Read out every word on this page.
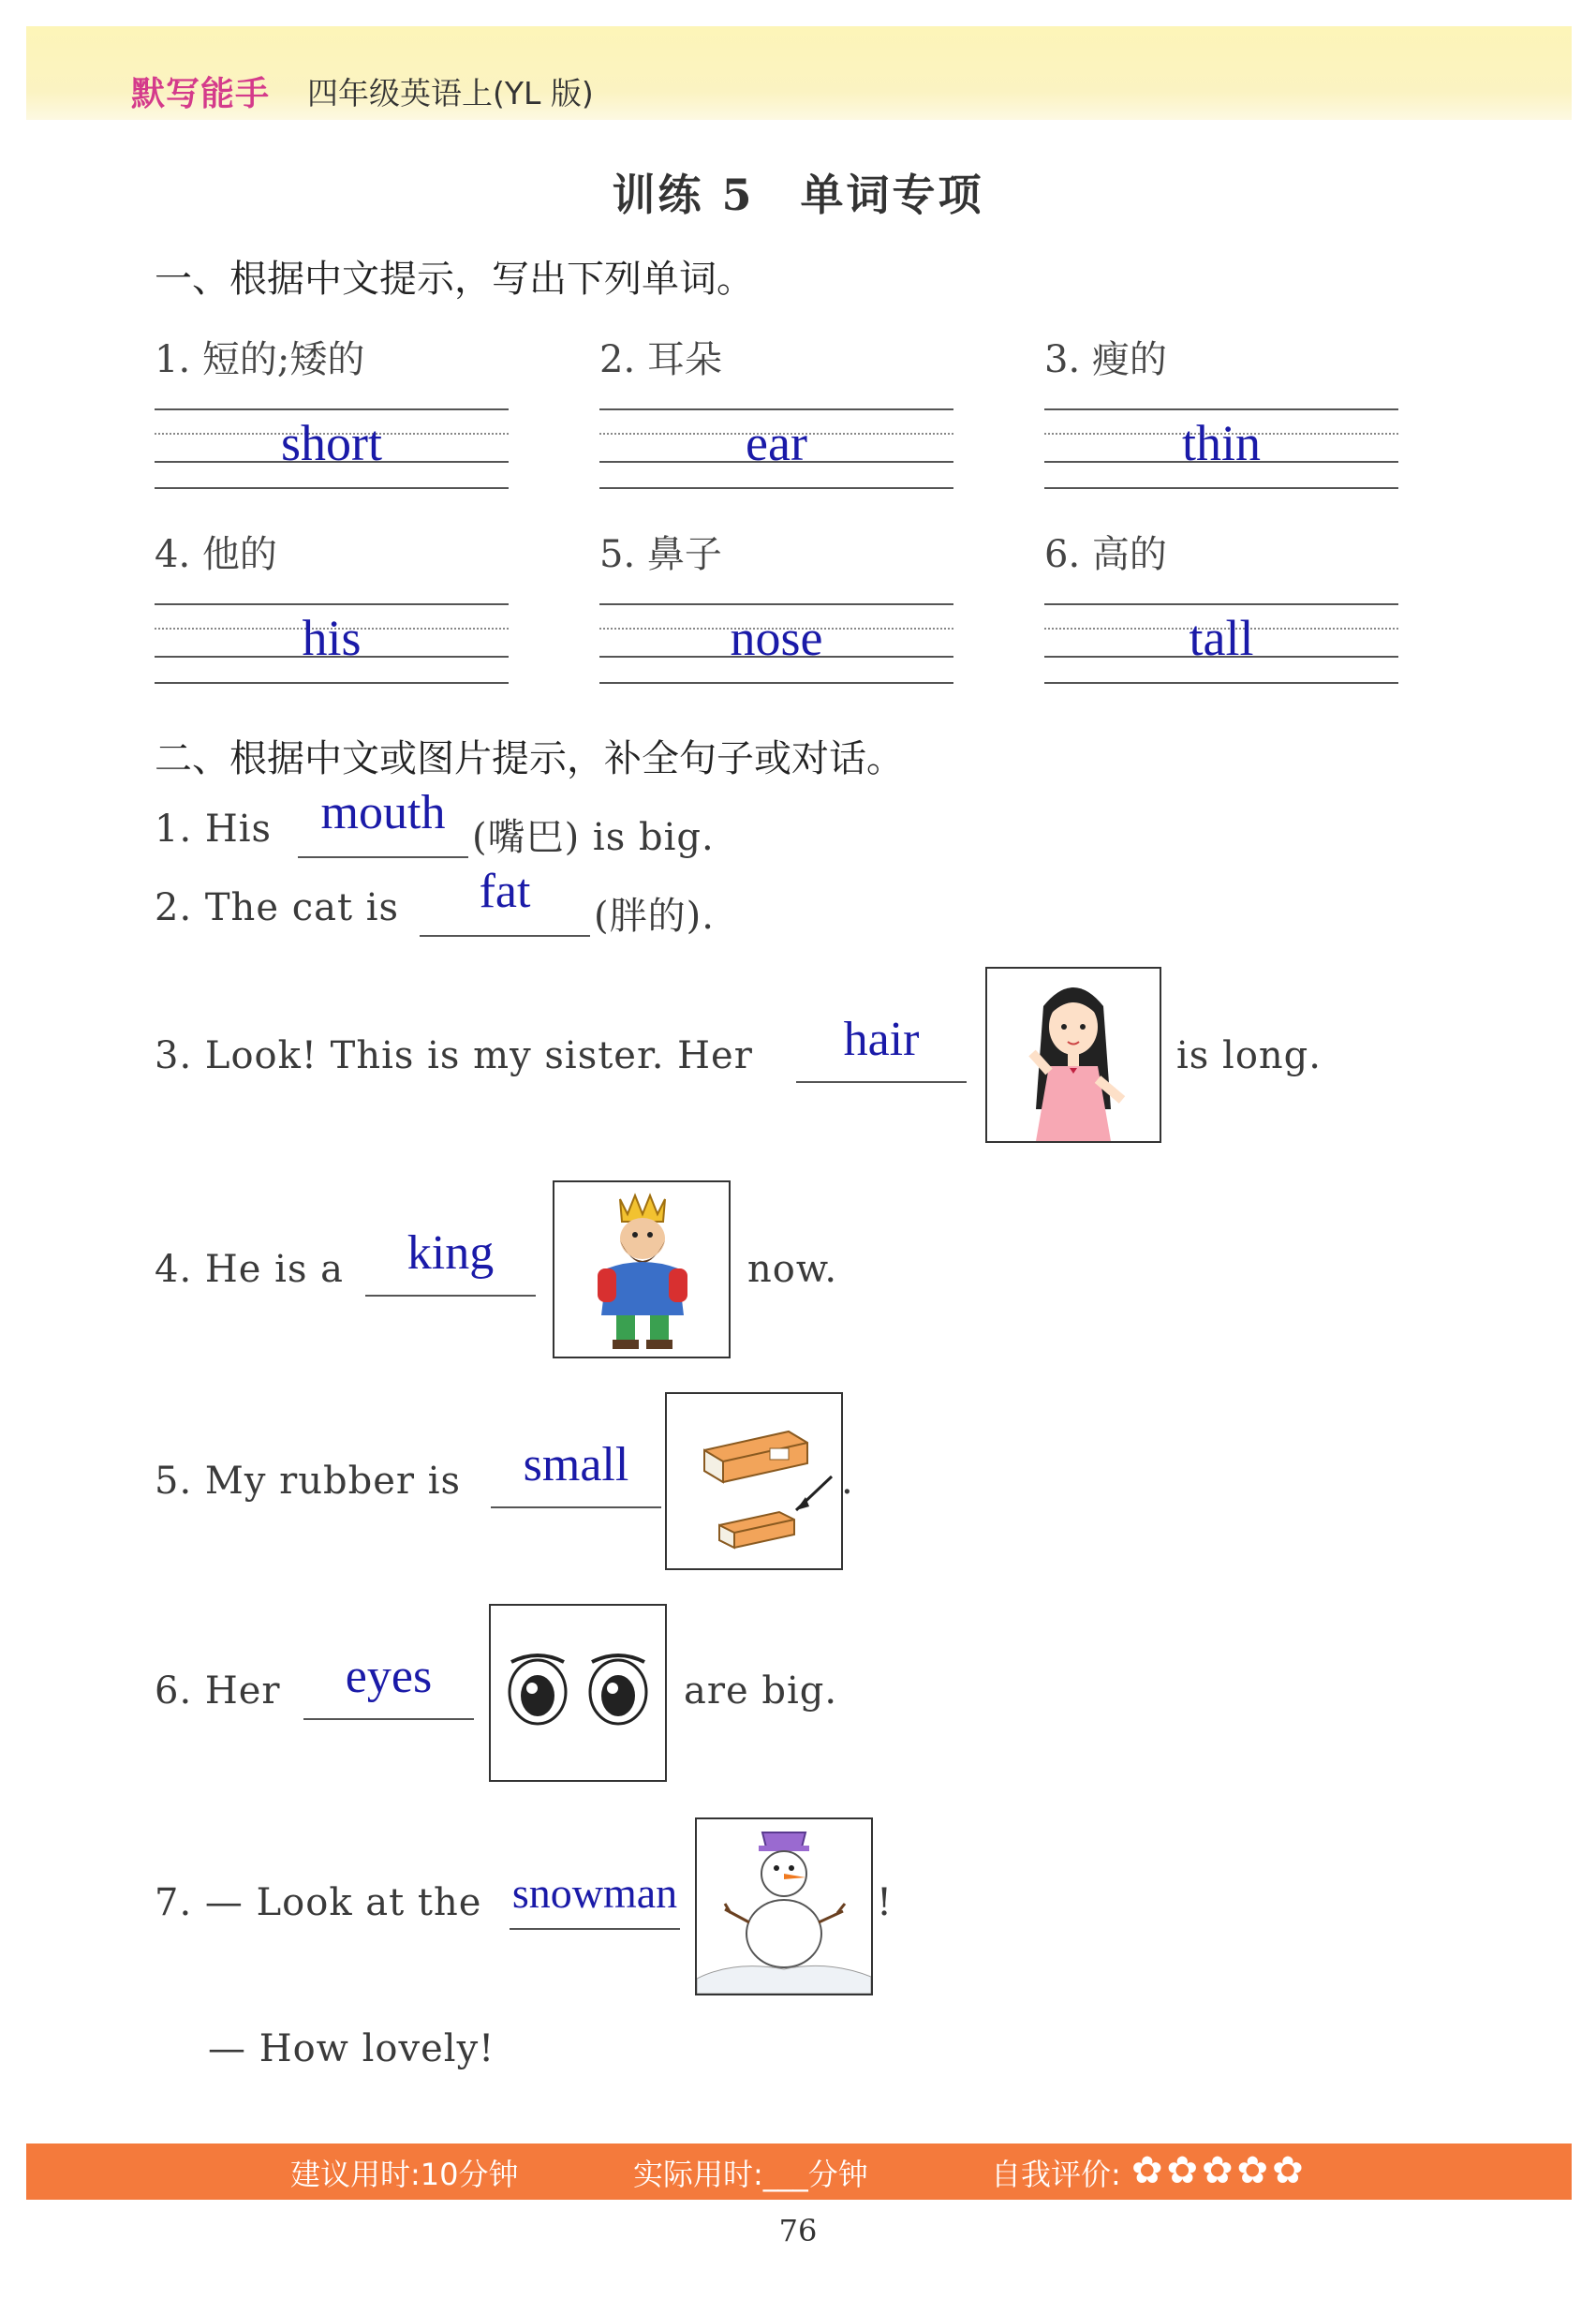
默写能手 四年级英语上(YL 版)
训练 5　单词专项
一、根据中文提示，写出下列单词。
1. 短的;矮的	2. 耳朵	3. 瘦的
short	ear	thin
4. 他的	5. 鼻子	6. 高的
his	nose	tall
二、根据中文或图片提示，补全句子或对话。
1. His	mouth (嘴巴) is big.
2. The cat is	fat	(胖的).
3. Look! This is my sister. Her	hair	is long.
4. He is a	king	now.
5. My rubber is	small	.
6. Her	eyes	are big.
7. — Look at the snowman	!
— How lovely!
建议用时:10分钟	实际用时:___分钟	自我评价: ✿✿✿✿✿
76
